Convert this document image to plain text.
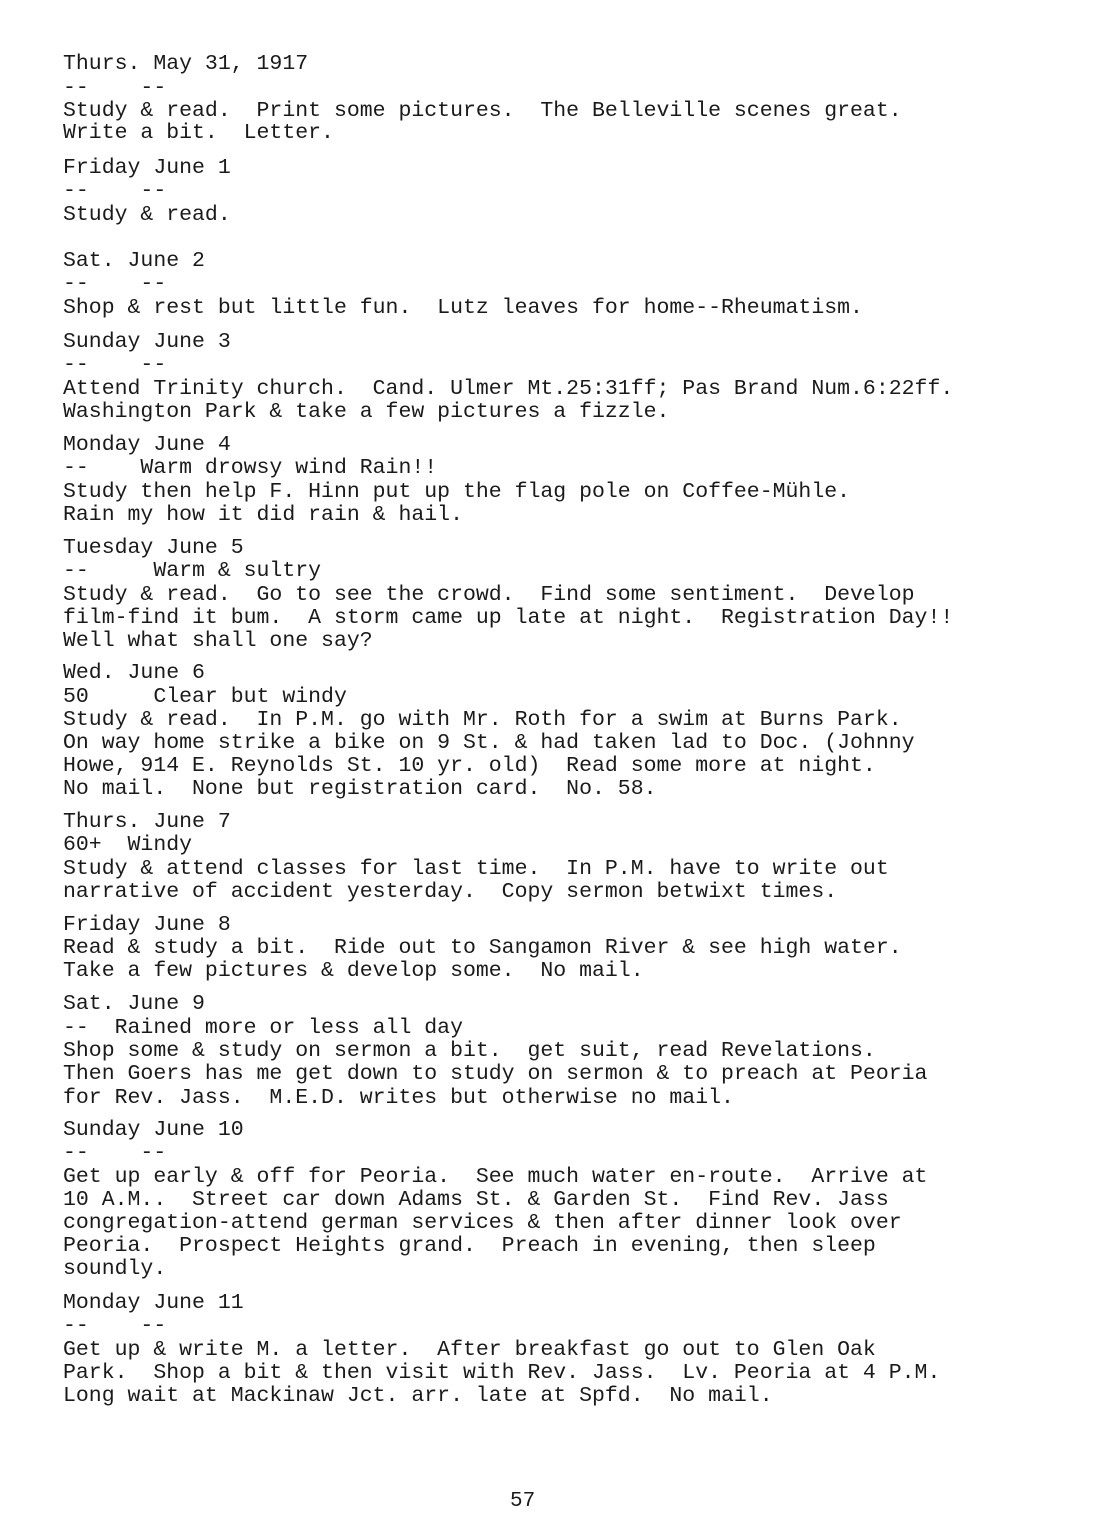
Thurs. May 31, 1917
--    --
Study & read.  Print some pictures.  The Belleville scenes great.
Write a bit.  Letter.
Friday June 1
--    --
Study & read.
Sat. June 2
--    --
Shop & rest but little fun.  Lutz leaves for home--Rheumatism.
Sunday June 3
--    --
Attend Trinity church.  Cand. Ulmer Mt.25:31ff; Pas Brand Num.6:22ff.
Washington Park & take a few pictures a fizzle.
Monday June 4
--    Warm drowsy wind Rain!!
Study then help F. Hinn put up the flag pole on Coffee-Mühle.
Rain my how it did rain & hail.
Tuesday June 5
--     Warm & sultry
Study & read.  Go to see the crowd.  Find some sentiment.  Develop
film-find it bum.  A storm came up late at night.  Registration Day!!
Well what shall one say?
Wed. June 6
50     Clear but windy
Study & read.  In P.M. go with Mr. Roth for a swim at Burns Park.
On way home strike a bike on 9 St. & had taken lad to Doc. (Johnny
Howe, 914 E. Reynolds St. 10 yr. old)  Read some more at night.
No mail.  None but registration card.  No. 58.
Thurs. June 7
60+  Windy
Study & attend classes for last time.  In P.M. have to write out
narrative of accident yesterday.  Copy sermon betwixt times.
Friday June 8
Read & study a bit.  Ride out to Sangamon River & see high water.
Take a few pictures & develop some.  No mail.
Sat. June 9
--  Rained more or less all day
Shop some & study on sermon a bit.  get suit, read Revelations.
Then Goers has me get down to study on sermon & to preach at Peoria
for Rev. Jass.  M.E.D. writes but otherwise no mail.
Sunday June 10
--    --
Get up early & off for Peoria.  See much water en-route.  Arrive at
10 A.M..  Street car down Adams St. & Garden St.  Find Rev. Jass
congregation-attend german services & then after dinner look over
Peoria.  Prospect Heights grand.  Preach in evening, then sleep
soundly.
Monday June 11
--    --
Get up & write M. a letter.  After breakfast go out to Glen Oak
Park.  Shop a bit & then visit with Rev. Jass.  Lv. Peoria at 4 P.M.
Long wait at Mackinaw Jct. arr. late at Spfd.  No mail.
57
